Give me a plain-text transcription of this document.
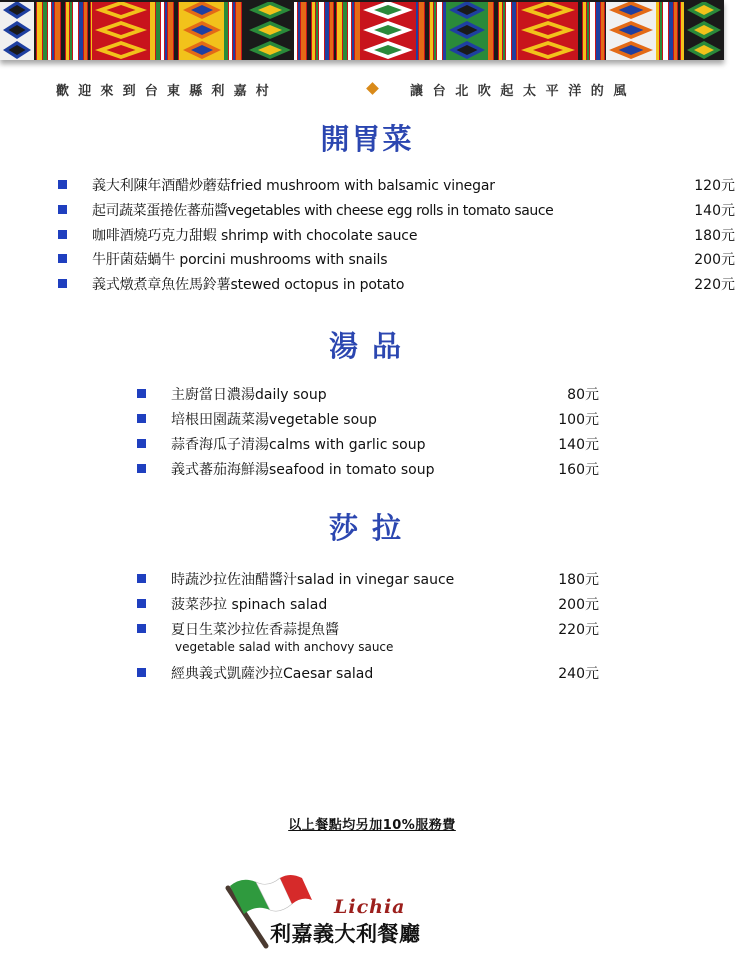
歡迎來到台東縣利嘉村	讓台北吹起太平洋的風
開胃菜
湯品
莎拉
義大利陳年酒醋炒蘑菇fried mushroom with balsamic vinegar	120元
起司蔬菜蛋捲佐蕃茄醬vegetables with cheese egg rolls in tomato sauce	140元
咖啡酒燒巧克力甜蝦 shrimp with chocolate sauce	180元
牛肝菌菇蝸牛 porcini mushrooms with snails	200元
義式燉煮章魚佐馬鈴薯stewed octopus in potato	220元
主廚當日濃湯daily soup	80元
培根田園蔬菜湯vegetable soup	100元
蒜香海瓜子清湯calms with garlic soup	140元
義式蕃茄海鮮湯seafood in tomato soup	160元
時蔬沙拉佐油醋醬汁salad in vinegar sauce	180元
菠菜莎拉 spinach salad	200元
夏日生菜沙拉佐香蒜提魚醬	220元
vegetable salad with anchovy sauce
經典義式凱薩沙拉Caesar salad	240元
以上餐點均另加10%服務費
Lichia
利嘉義大利餐廳
